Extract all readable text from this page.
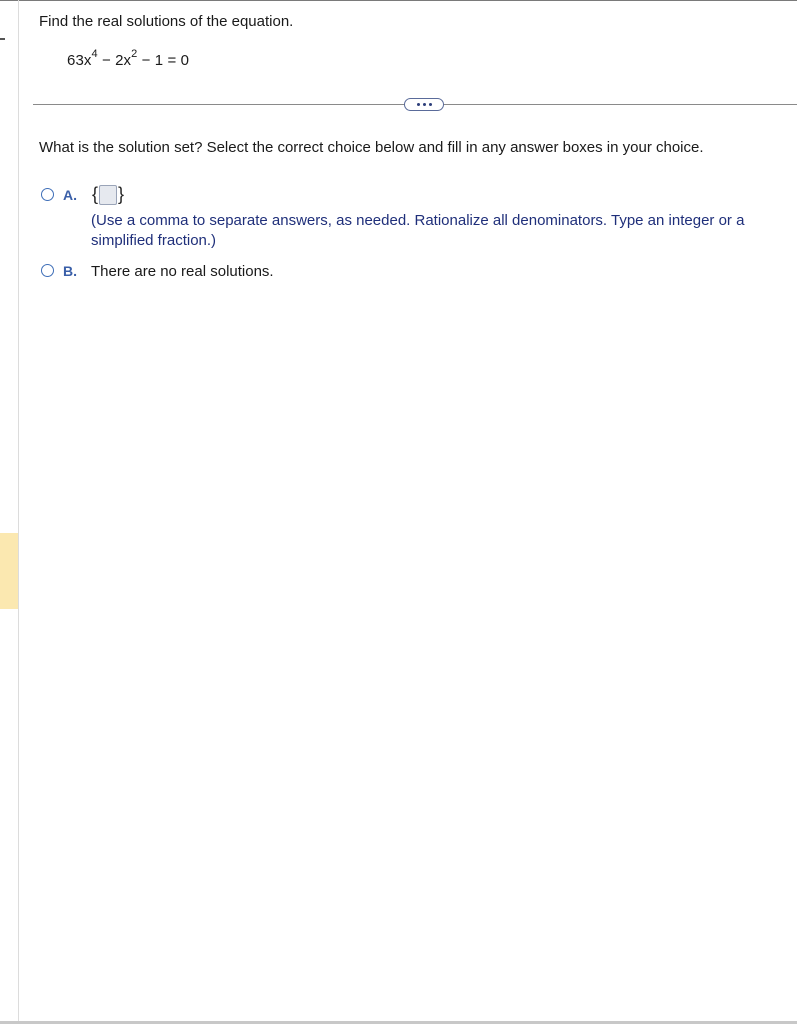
Find the real solutions of the equation.
$63x^4 - 2x^2 - 1 = 0$
What is the solution set? Select the correct choice below and fill in any answer boxes in your choice.
A. { }
(Use a comma to separate answers, as needed. Rationalize all denominators. Type an integer or a simplified fraction.)
B. There are no real solutions.
